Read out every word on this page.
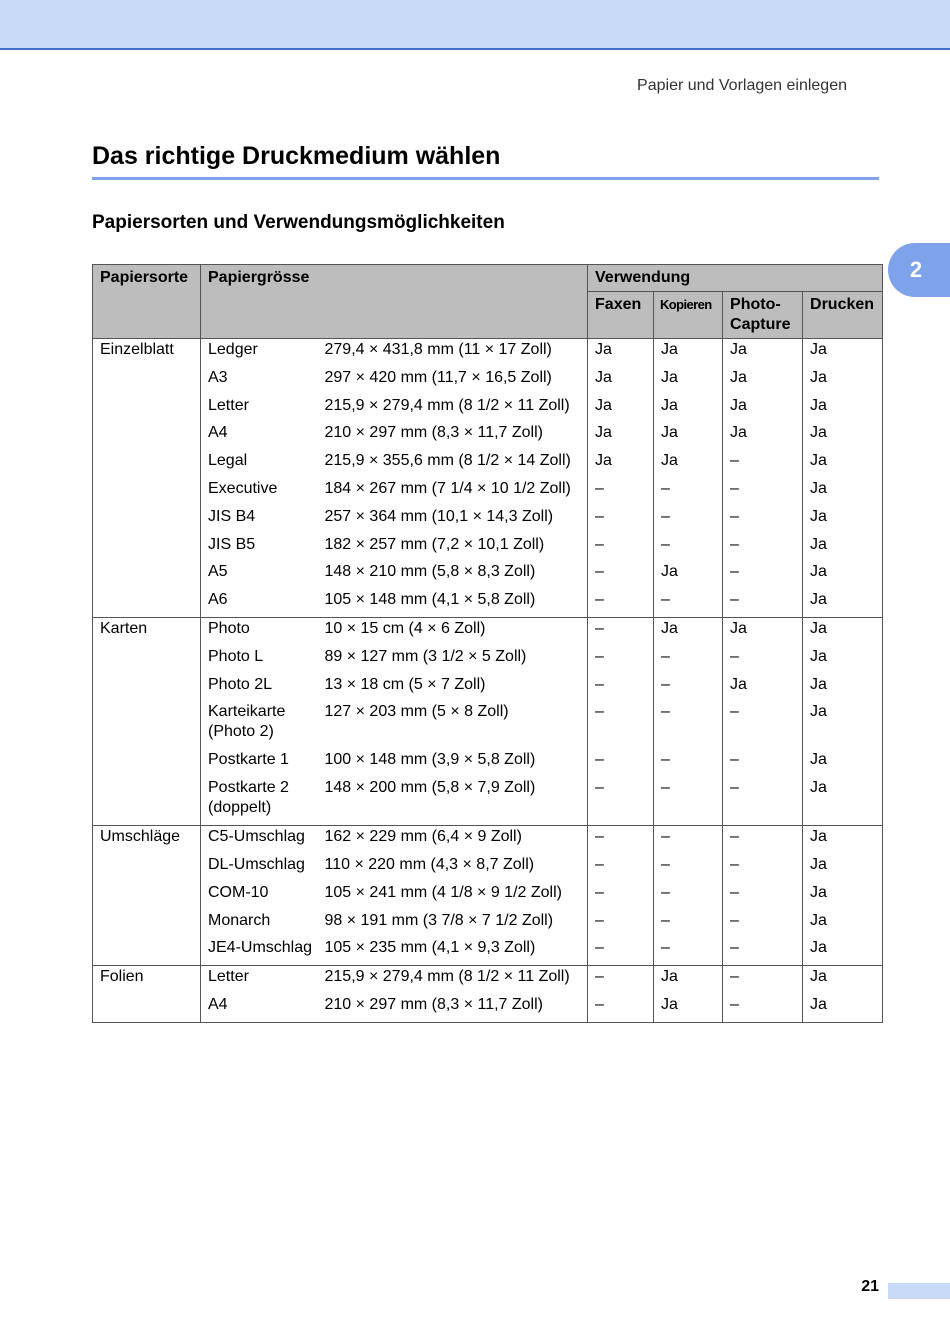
Papier und Vorlagen einlegen
Das richtige Druckmedium wählen
Papiersorten und Verwendungsmöglichkeiten
2
Papiersorte	Papiergrösse		Verwendung			
			Faxen	Kopieren	Photo-Capture	Drucken

Einzelblatt	Ledger	279,4 × 431,8 mm (11 × 17 Zoll)	Ja	Ja	Ja	Ja

	A3	297 × 420 mm (11,7 × 16,5 Zoll)	Ja	Ja	Ja	Ja

	Letter	215,9 × 279,4 mm (8 1/2 × 11 Zoll)	Ja	Ja	Ja	Ja

	A4	210 × 297 mm (8,3 × 11,7 Zoll)	Ja	Ja	Ja	Ja

	Legal	215,9 × 355,6 mm (8 1/2 × 14 Zoll)	Ja	Ja	–	Ja

	Executive	184 × 267 mm (7 1/4 × 10 1/2 Zoll)	–	–	–	Ja

	JIS B4	257 × 364 mm (10,1 × 14,3 Zoll)	–	–	–	Ja

	JIS B5	182 × 257 mm (7,2 × 10,1 Zoll)	–	–	–	Ja

	A5	148 × 210 mm (5,8 × 8,3 Zoll)	–	Ja	–	Ja

	A6	105 × 148 mm (4,1 × 5,8 Zoll)	–	–	–	Ja

Karten	Photo	10 × 15 cm (4 × 6 Zoll)	–	Ja	Ja	Ja

	Photo L	89 × 127 mm (3 1/2 × 5 Zoll)	–	–	–	Ja

	Photo 2L	13 × 18 cm (5 × 7 Zoll)	–	–	Ja	Ja

	Karteikarte (Photo 2)	127 × 203 mm (5 × 8 Zoll)	–	–	–	Ja

	Postkarte 1	100 × 148 mm (3,9 × 5,8 Zoll)	–	–	–	Ja

	Postkarte 2 (doppelt)	148 × 200 mm (5,8 × 7,9 Zoll)	–	–	–	Ja

Umschläge	C5-Umschlag	162 × 229 mm (6,4 × 9 Zoll)	–	–	–	Ja

	DL-Umschlag	110 × 220 mm (4,3 × 8,7 Zoll)	–	–	–	Ja

	COM-10	105 × 241 mm (4 1/8 × 9 1/2 Zoll)	–	–	–	Ja

	Monarch	98 × 191 mm (3 7/8 × 7 1/2 Zoll)	–	–	–	Ja

	JE4-Umschlag	105 × 235 mm (4,1 × 9,3 Zoll)	–	–	–	Ja

Folien	Letter	215,9 × 279,4 mm (8 1/2 × 11 Zoll)	–	Ja	–	Ja

	A4	210 × 297 mm (8,3 × 11,7 Zoll)	–	Ja	–	Ja
21
